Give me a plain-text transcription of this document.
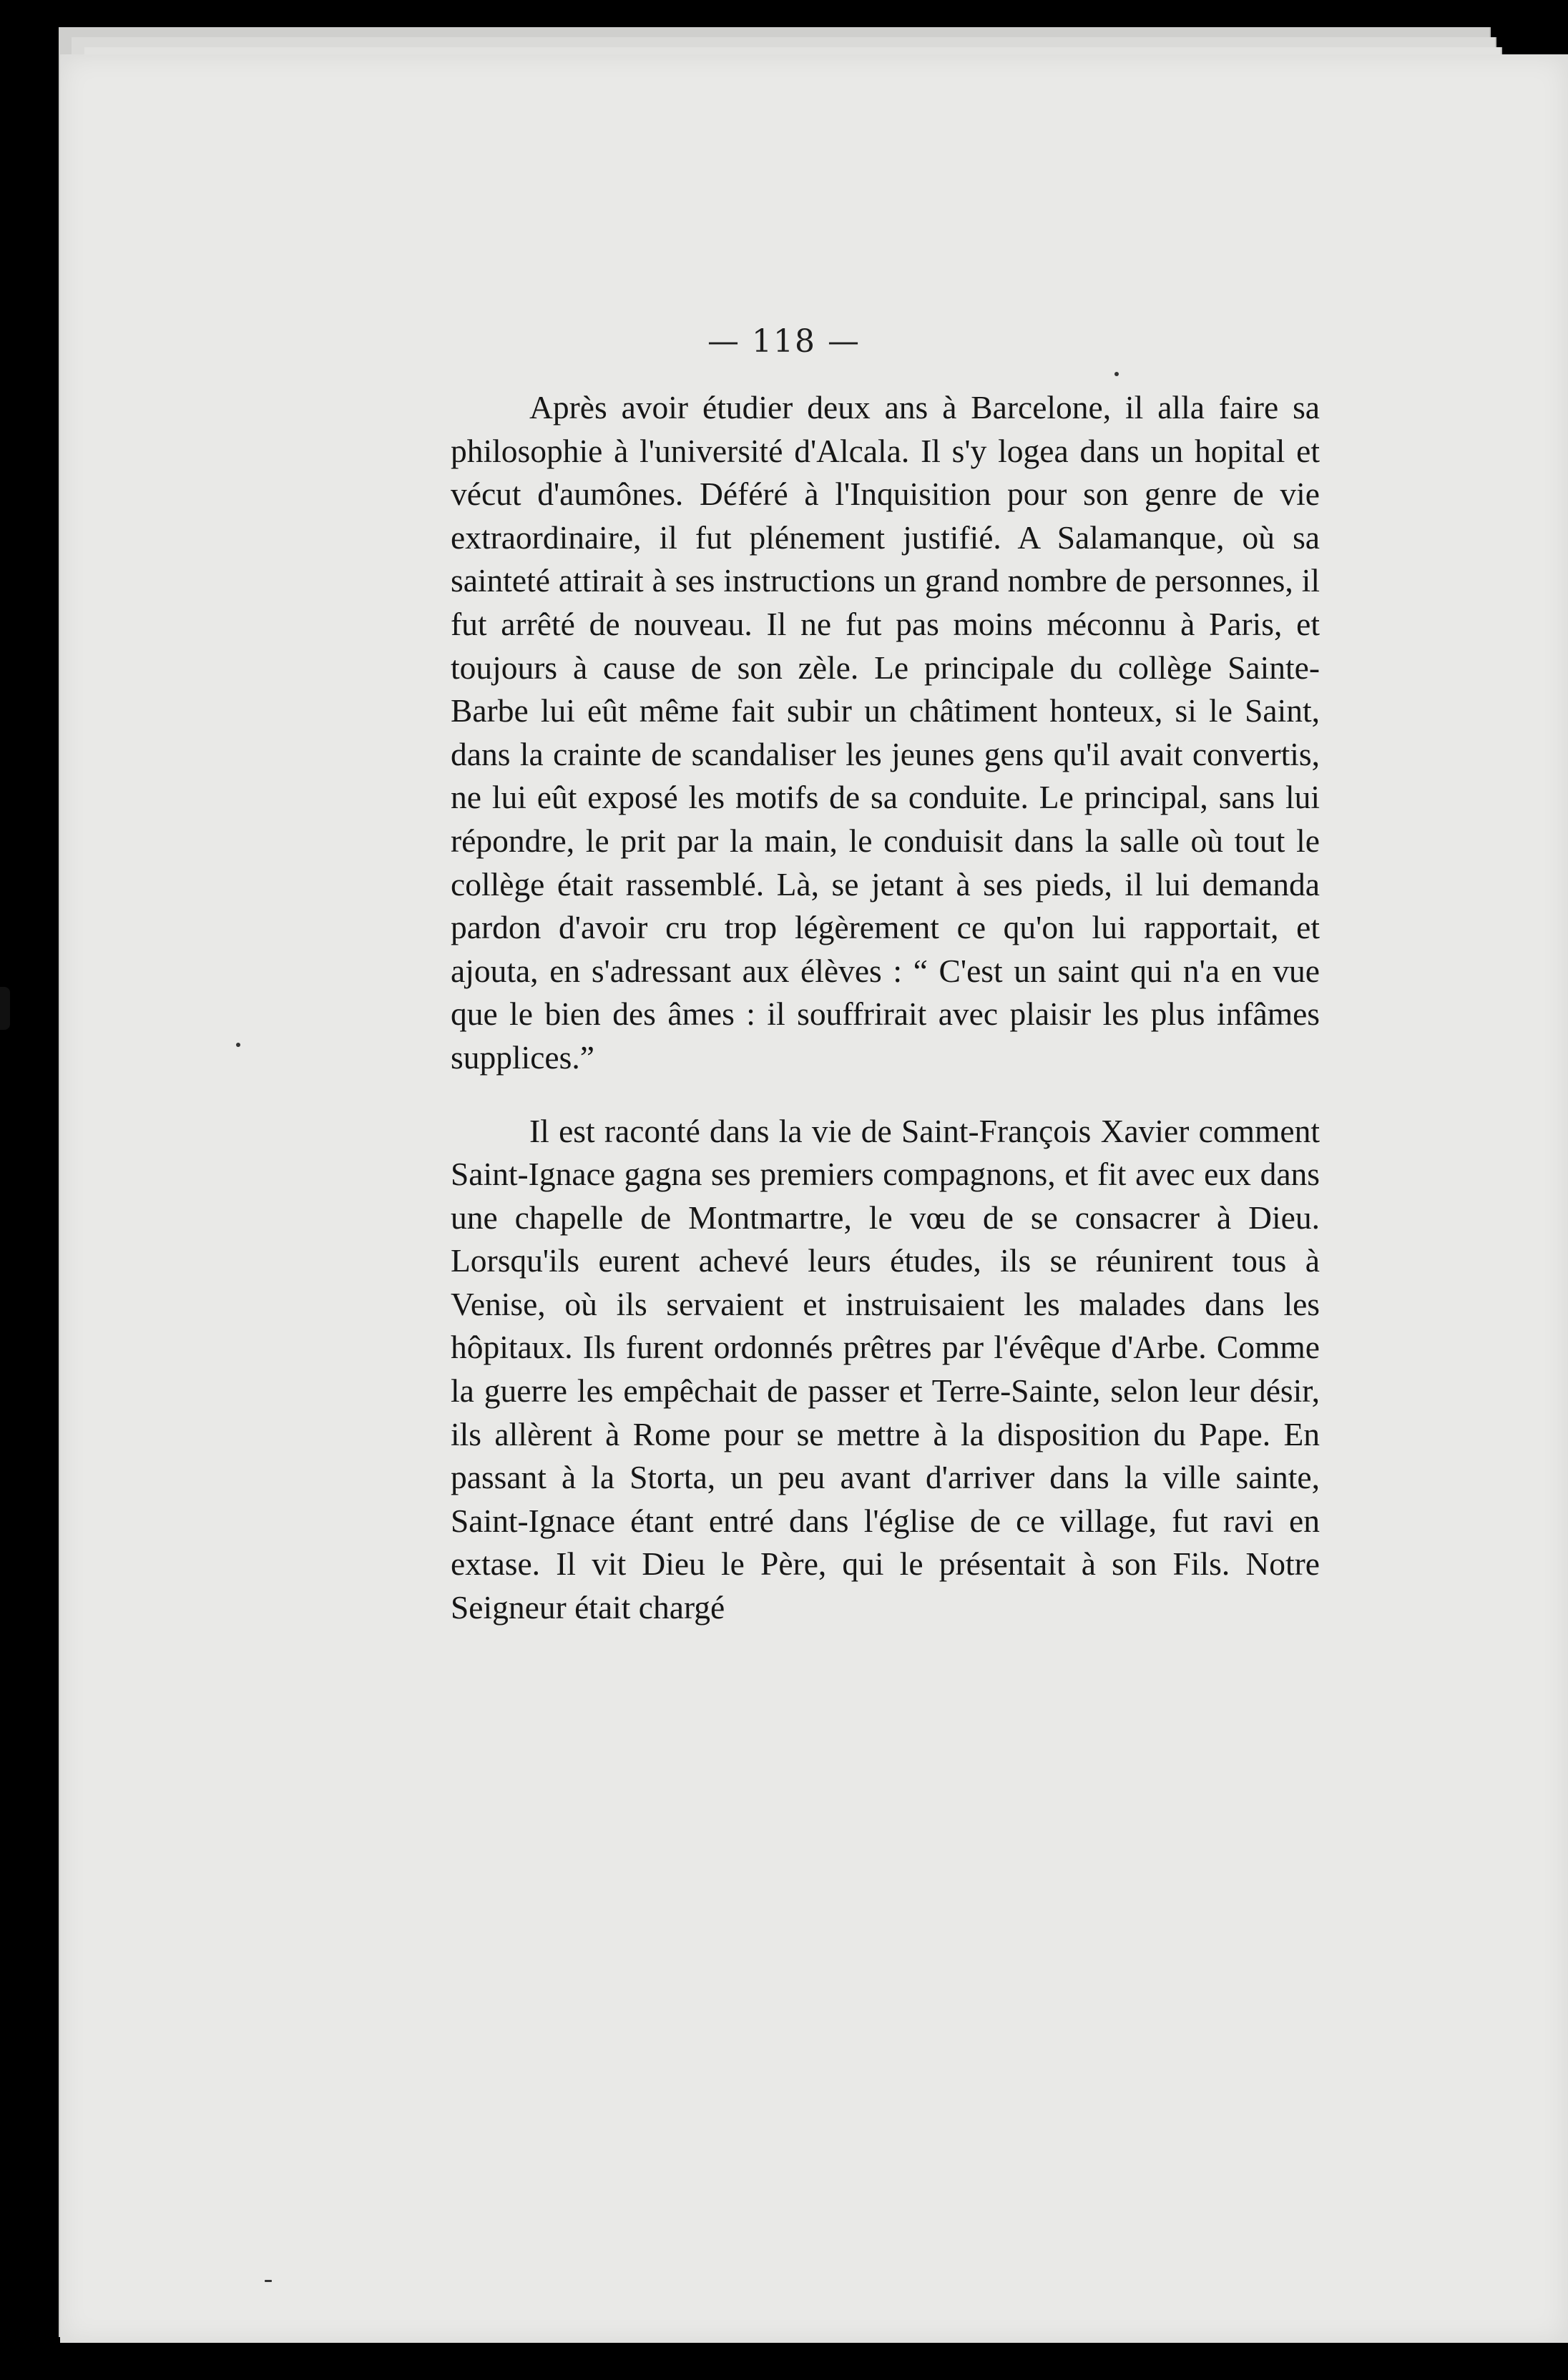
— 118 —

Après avoir étudier deux ans à Barcelone, il alla faire sa philosophie à l'université d'Alcala. Il s'y logea dans un hopital et vécut d'aumônes. Déféré à l'Inquisition pour son genre de vie extraordinaire, il fut plénement justifié. A Salamanque, où sa sainteté attirait à ses instructions un grand nombre de personnes, il fut arrêté de nouveau. Il ne fut pas moins méconnu à Paris, et toujours à cause de son zèle. Le principale du collège Sainte-Barbe lui eût même fait subir un châtiment honteux, si le Saint, dans la crainte de scandaliser les jeunes gens qu'il avait convertis, ne lui eût exposé les motifs de sa conduite. Le principal, sans lui répondre, le prit par la main, le conduisit dans la salle où tout le collège était rassemblé. Là, se jetant à ses pieds, il lui demanda pardon d'avoir cru trop légèrement ce qu'on lui rapportait, et ajouta, en s'adressant aux élèves : “ C'est un saint qui n'a en vue que le bien des âmes : il souffrirait avec plaisir les plus infâmes supplices.”

Il est raconté dans la vie de Saint-François Xavier comment Saint-Ignace gagna ses premiers compagnons, et fit avec eux dans une chapelle de Montmartre, le vœu de se consacrer à Dieu. Lorsqu'ils eurent achevé leurs études, ils se réunirent tous à Venise, où ils servaient et instruisaient les malades dans les hôpitaux. Ils furent ordonnés prêtres par l'évêque d'Arbe. Comme la guerre les empêchait de passer et Terre-Sainte, selon leur désir, ils allèrent à Rome pour se mettre à la disposition du Pape. En passant à la Storta, un peu avant d'arriver dans la ville sainte, Saint-Ignace étant entré dans l'église de ce village, fut ravi en extase. Il vit Dieu le Père, qui le présentait à son Fils. Notre Seigneur était chargé
